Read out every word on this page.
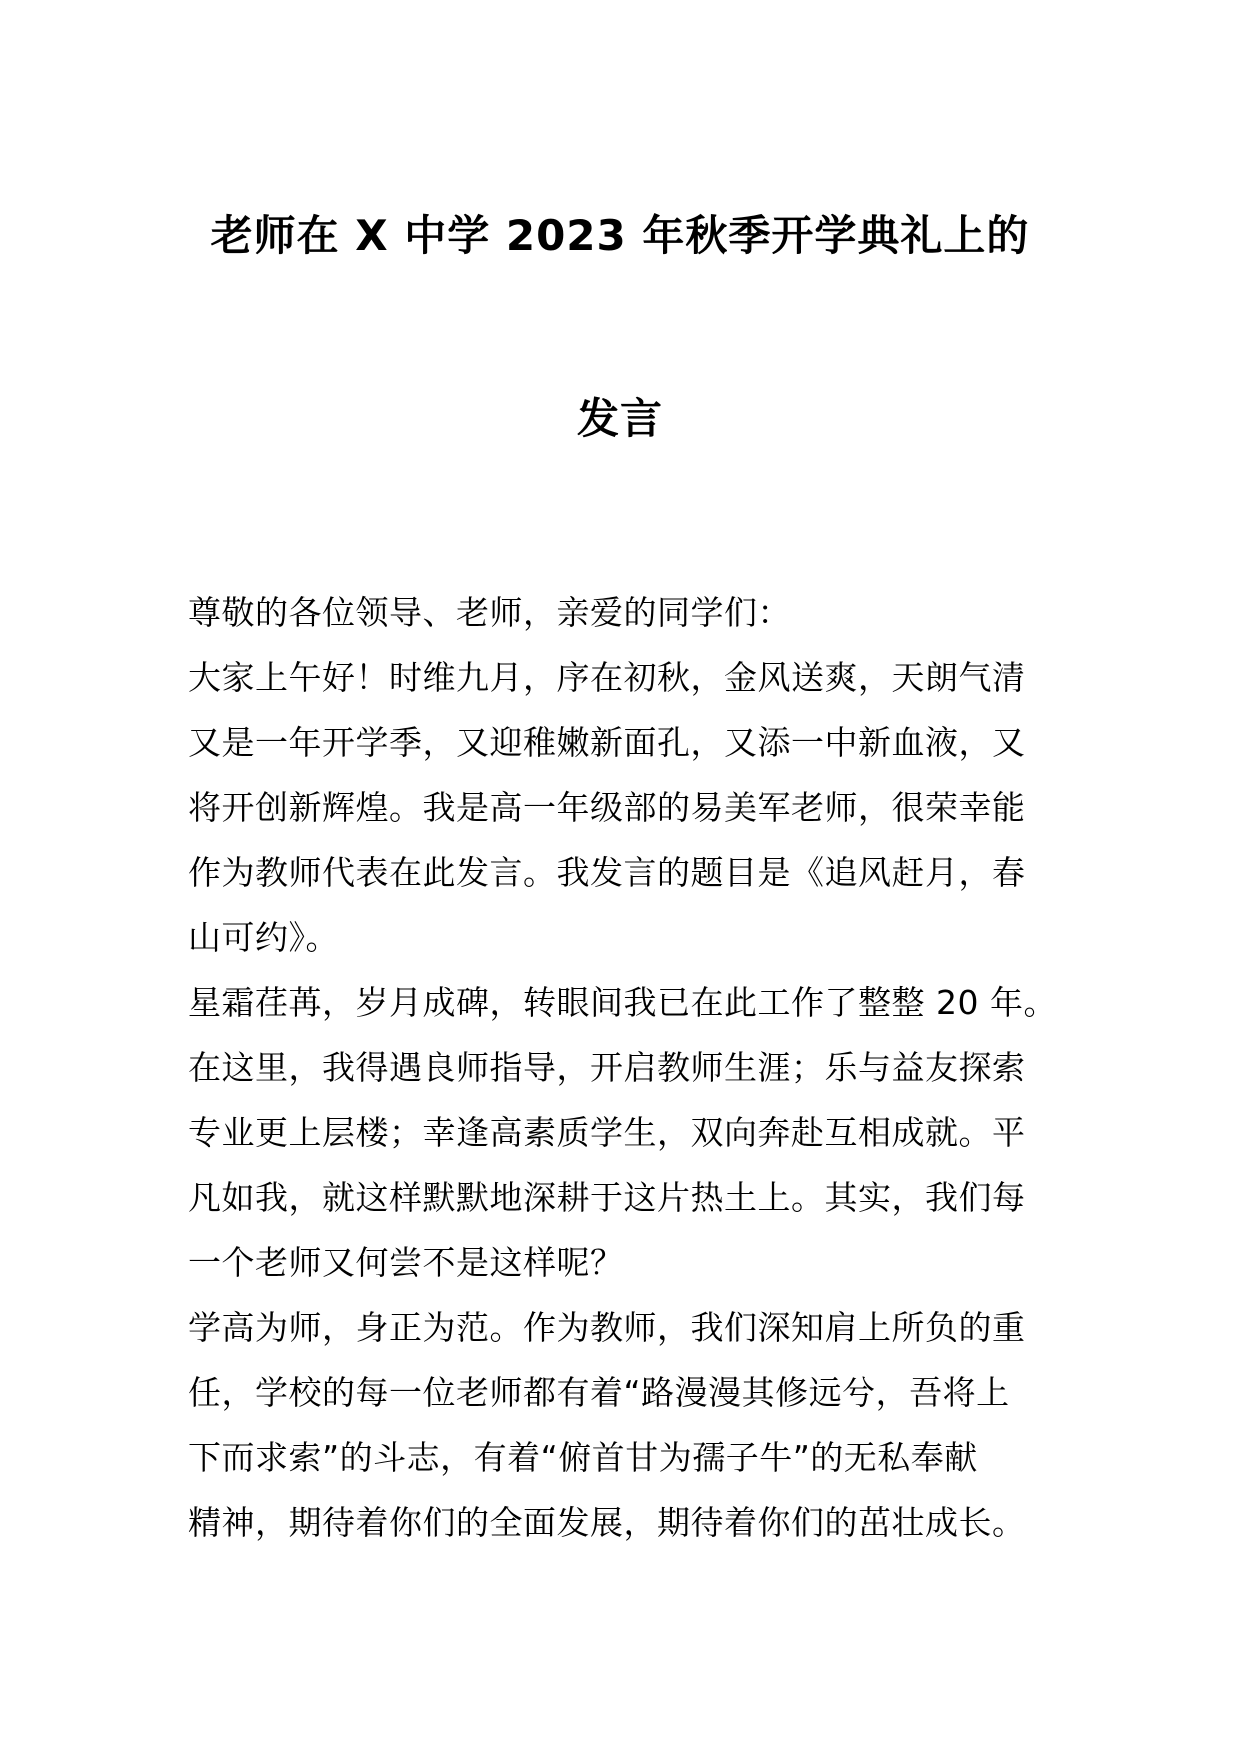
老师在 X 中学 2023 年秋季开学典礼上的
发言
尊敬的各位领导、老师，亲爱的同学们：
大家上午好！时维九月，序在初秋，金风送爽，天朗气清
又是一年开学季，又迎稚嫩新面孔，又添一中新血液，又
将开创新辉煌。我是高一年级部的易美军老师，很荣幸能
作为教师代表在此发言。我发言的题目是《追风赶月，春
山可约》。
星霜荏苒，岁月成碑，转眼间我已在此工作了整整 20 年。
在这里，我得遇良师指导，开启教师生涯；乐与益友探索
专业更上层楼；幸逢高素质学生，双向奔赴互相成就。平
凡如我，就这样默默地深耕于这片热土上。其实，我们每
一个老师又何尝不是这样呢？
学高为师，身正为范。作为教师，我们深知肩上所负的重
任，学校的每一位老师都有着“路漫漫其修远兮，吾将上
下而求索”的斗志，有着“俯首甘为孺子牛”的无私奉献
精神，期待着你们的全面发展，期待着你们的茁壮成长。
